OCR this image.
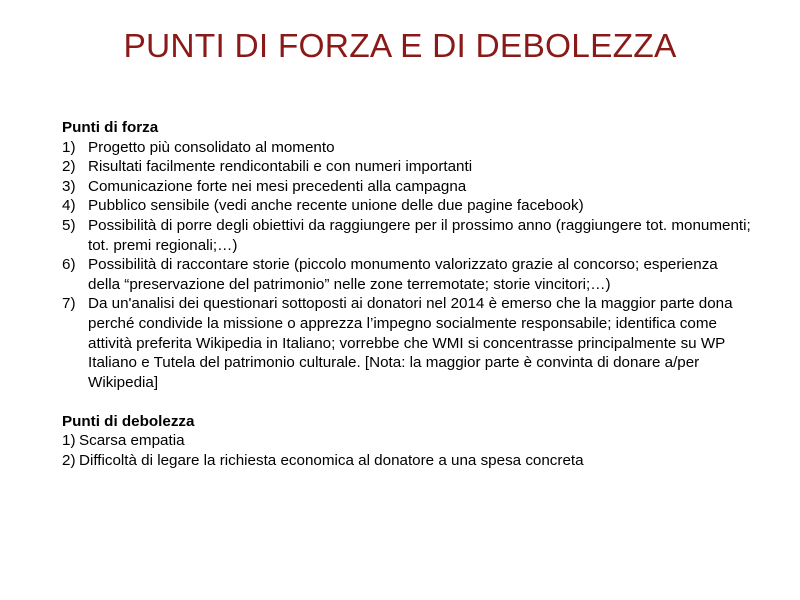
PUNTI DI FORZA E DI DEBOLEZZA
Punti di forza
1) Progetto più consolidato al momento
2) Risultati facilmente rendicontabili e con numeri importanti
3) Comunicazione forte nei mesi precedenti alla campagna
4) Pubblico sensibile (vedi anche recente unione delle due pagine facebook)
5) Possibilità di porre degli obiettivi da raggiungere per il prossimo anno (raggiungere tot. monumenti; tot. premi regionali;…)
6) Possibilità di raccontare storie (piccolo monumento valorizzato grazie al concorso; esperienza della “preservazione del patrimonio” nelle zone terremotate; storie vincitori;…)
7) Da un'analisi dei questionari sottoposti ai donatori nel 2014 è emerso che la maggior parte dona perché condivide la missione o apprezza l’impegno socialmente responsabile; identifica come attività preferita Wikipedia in Italiano; vorrebbe che WMI si concentrasse principalmente su WP Italiano e Tutela del patrimonio culturale. [Nota: la maggior parte è convinta di donare a/per Wikipedia]
Punti di debolezza
1) Scarsa empatia
2) Difficoltà di legare la richiesta economica al donatore a una spesa concreta
